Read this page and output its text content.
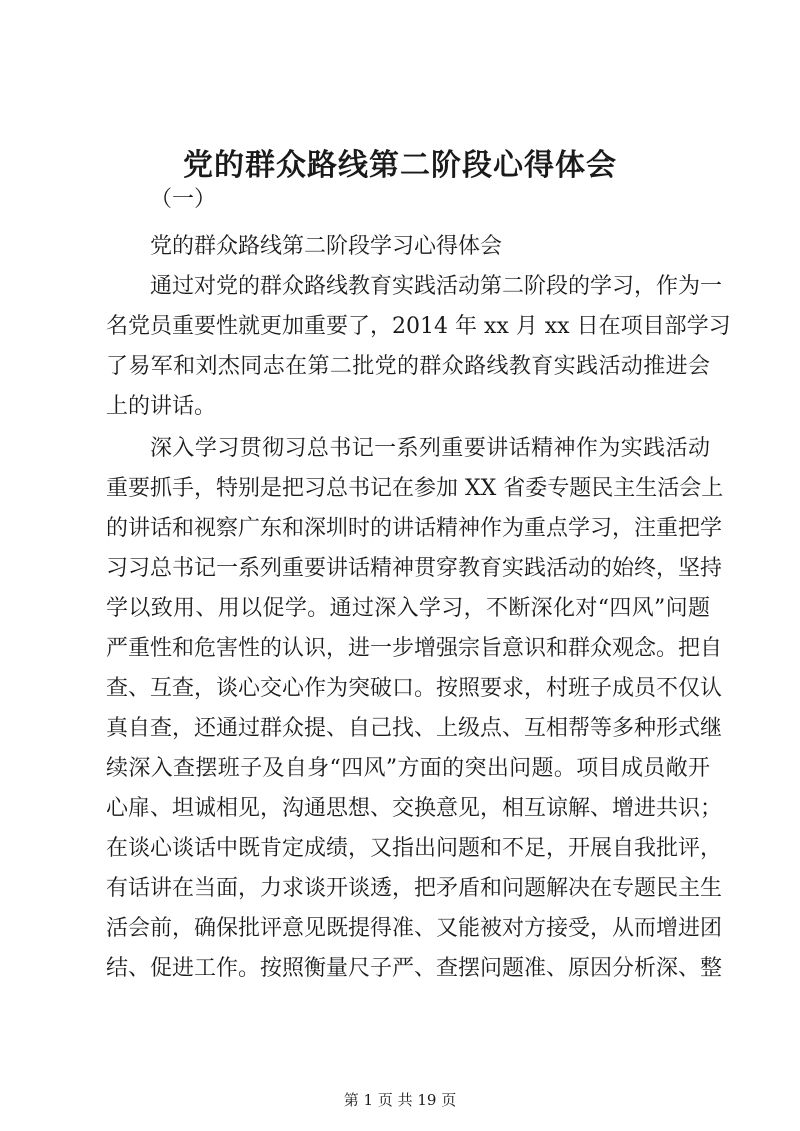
党的群众路线第二阶段心得体会

（一）

党的群众路线第二阶段学习心得体会

通过对党的群众路线教育实践活动第二阶段的学习，作为一

名党员重要性就更加重要了，2014 年 xx 月 xx 日在项目部学习

了易军和刘杰同志在第二批党的群众路线教育实践活动推进会

上的讲话。

深入学习贯彻习总书记一系列重要讲话精神作为实践活动

重要抓手，特别是把习总书记在参加 XX 省委专题民主生活会上

的讲话和视察广东和深圳时的讲话精神作为重点学习，注重把学

习习总书记一系列重要讲话精神贯穿教育实践活动的始终，坚持

学以致用、用以促学。通过深入学习，不断深化对“四风”问题

严重性和危害性的认识，进一步增强宗旨意识和群众观念。把自

查、互查，谈心交心作为突破口。按照要求，村班子成员不仅认

真自查，还通过群众提、自己找、上级点、互相帮等多种形式继

续深入查摆班子及自身“四风”方面的突出问题。项目成员敞开

心扉、坦诚相见，沟通思想、交换意见，相互谅解、增进共识；

在谈心谈话中既肯定成绩，又指出问题和不足，开展自我批评，

有话讲在当面，力求谈开谈透，把矛盾和问题解决在专题民主生

活会前，确保批评意见既提得准、又能被对方接受，从而增进团

结、促进工作。按照衡量尺子严、查摆问题准、原因分析深、整

第 1 页 共 19 页
